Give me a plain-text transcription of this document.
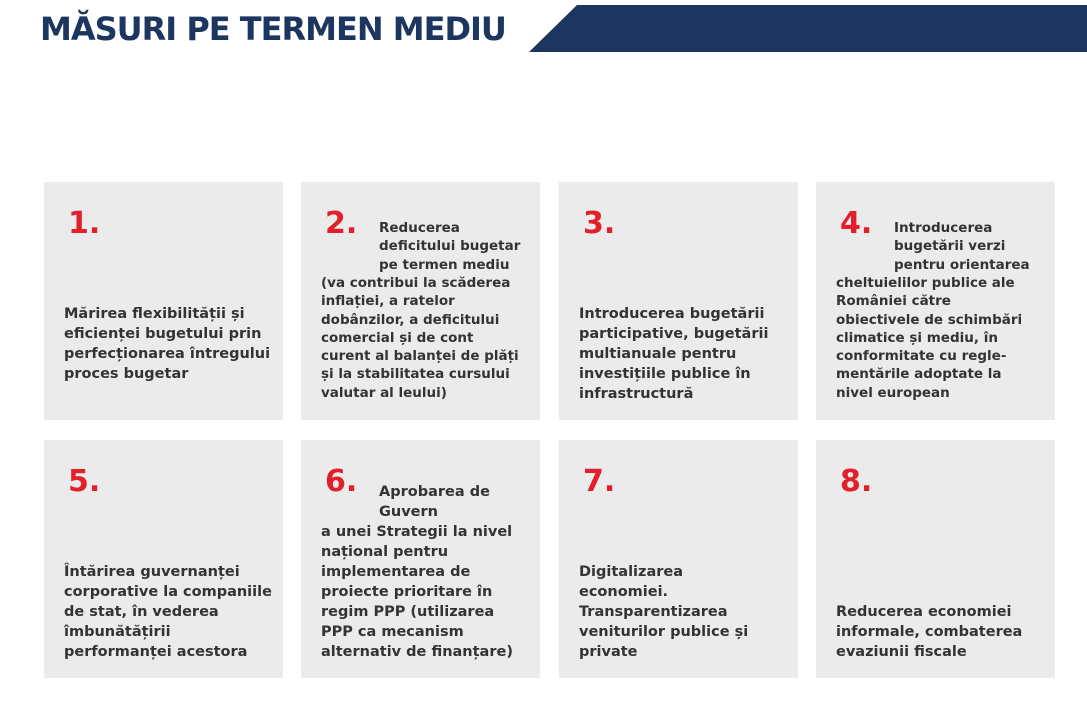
MĂSURI PE TERMEN MEDIU
1.
Mărirea flexibilității și eficienței bugetului prin perfecționarea întregului proces bugetar
2.	Reducerea deficitului bugetar pe termen mediu
(va contribui la scăderea inflației, a ratelor dobânzilor, a deficitului comercial și de cont curent al balanței de plăți și la stabilitatea cursului valutar al leului)
3.
Introducerea bugetării participative, bugetării multianuale pentru investițiile publice în infrastructură
4.	Introducerea bugetării verzi pentru orientarea
cheltuielilor publice ale României către obiectivele de schimbări climatice și mediu, în conformitate cu regle-mentările adoptate la nivel european
5.
Întărirea guvernanței corporative la companiile de stat, în vederea îmbunătățirii performanței acestora
6.	Aprobarea de Guvern
a unei Strategii la nivel național pentru implementarea de proiecte prioritare în regim PPP (utilizarea PPP ca mecanism alternativ de finanțare)
7.
Digitalizarea economiei. Transparentizarea veniturilor publice și private
8.
Reducerea economiei informale, combaterea evaziunii fiscale
